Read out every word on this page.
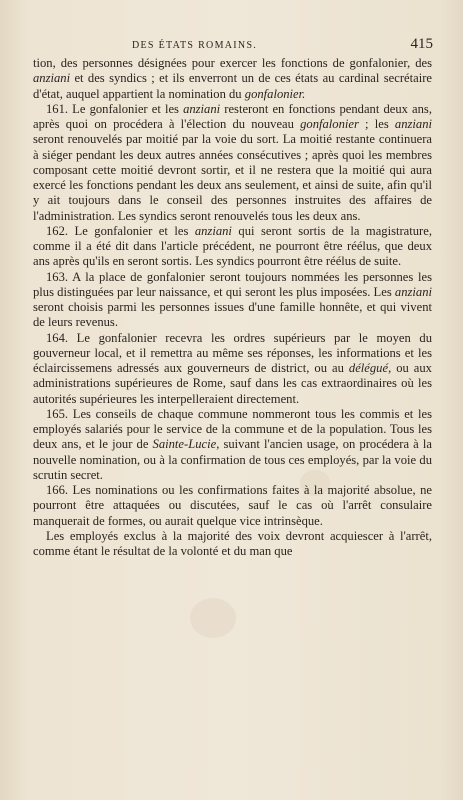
DES ÉTATS ROMAINS.	415

tion, des personnes désignées pour exercer les fonctions de gonfalonier, des anziani et des syndics ; et ils enverront un de ces états au cardinal secrétaire d'état, auquel appartient la nomination du gonfalonier.

161. Le gonfalonier et les anziani resteront en fonctions pendant deux ans, après quoi on procédera à l'élection du nouveau gonfalonier ; les anziani seront renouvelés par moitié par la voie du sort. La moitié restante continuera à siéger pendant les deux autres années consécutives ; après quoi les membres composant cette moitié devront sortir, et il ne restera que la moitié qui aura exercé les fonctions pendant les deux ans seulement, et ainsi de suite, afin qu'il y ait toujours dans le conseil des personnes instruites des affaires de l'administration. Les syndics seront renouvelés tous les deux ans.

162. Le gonfalonier et les anziani qui seront sortis de la magistrature, comme il a été dit dans l'article précédent, ne pourront être réélus, que deux ans après qu'ils en seront sortis. Les syndics pourront être réélus de suite.

163. A la place de gonfalonier seront toujours nommées les personnes les plus distinguées par leur naissance, et qui seront les plus imposées. Les anziani seront choisis parmi les personnes issues d'une famille honnête, et qui vivent de leurs revenus.

164. Le gonfalonier recevra les ordres supérieurs par le moyen du gouverneur local, et il remettra au même ses réponses, les informations et les éclaircissemens adressés aux gouverneurs de district, ou au délégué, ou aux administrations supérieures de Rome, sauf dans les cas extraordinaires où les autorités supérieures les interpelleraient directement.

165. Les conseils de chaque commune nommeront tous les commis et les employés salariés pour le service de la commune et de la population. Tous les deux ans, et le jour de Sainte-Lucie, suivant l'ancien usage, on procédera à la nouvelle nomination, ou à la confirmation de tous ces employés, par la voie du scrutin secret.

166. Les nominations ou les confirmations faites à la majorité absolue, ne pourront être attaquées ou discutées, sauf le cas où l'arrêt consulaire manquerait de formes, ou aurait quelque vice intrinsèque.

Les employés exclus à la majorité des voix devront acquiescer à l'arrêt, comme étant le résultat de la volonté et du man que
